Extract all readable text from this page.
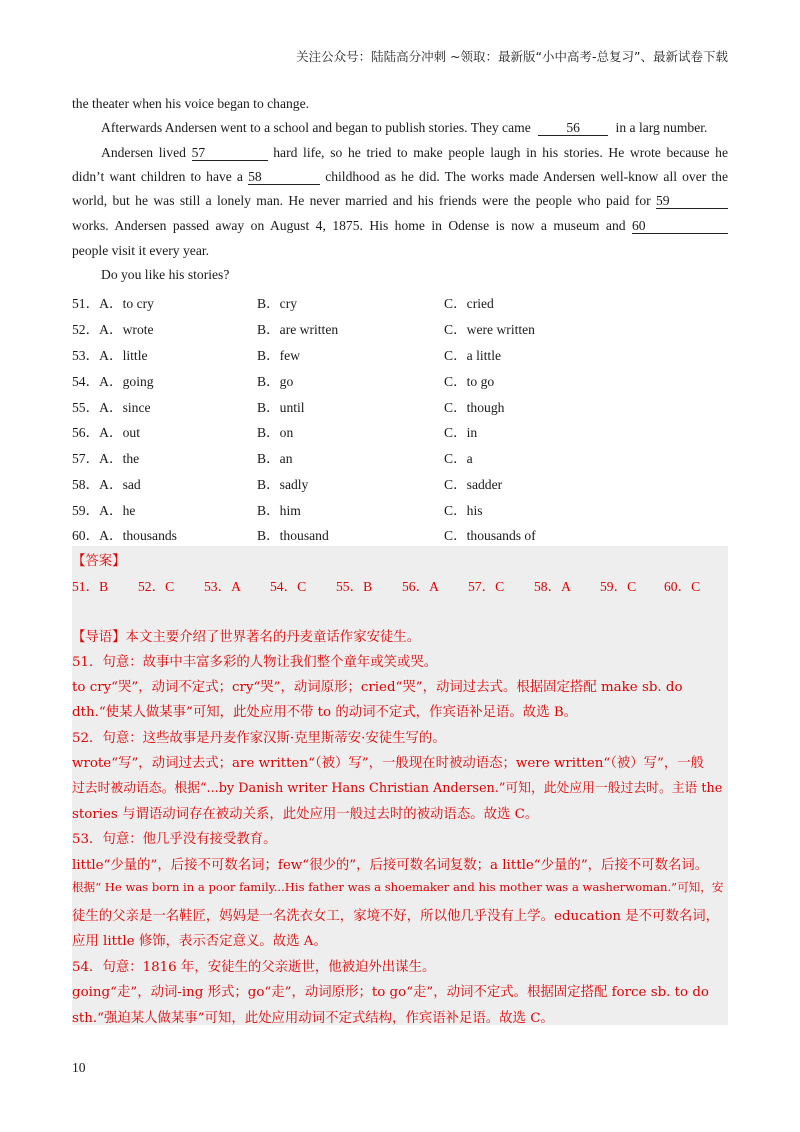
关注公众号：陆陆高分冲刺 ~领取：最新版“小中高考-总复习”、最新试卷下载
the theater when his voice began to change.
Afterwards Andersen went to a school and began to publish stories. They came	56	in a larg number.
Andersen lived 57	hard life, so he tried to make people laugh in his stories. He wrote because he
didn’t want children to have a 58	childhood as he did. The works made Andersen well-know all over the
world, but he was still a lonely man. He never married and his friends were the people who paid for 59
works. Andersen passed away on August 4, 1875. His home in Odense is now a museum and 60
people visit it every year.
Do you like his stories?
51．A．to cry	B．cry	C．cried
52．A．wrote	B．are written	C．were written
53．A．little	B．few	C．a little
54．A．going	B．go	C．to go
55．A．since	B．until	C．though
56．A．out	B．on	C．in
57．A．the	B．an	C．a
58．A．sad	B．sadly	C．sadder
59．A．he	B．him	C．his
60．A．thousands	B．thousand	C．thousands of
【答案】
51．B 52．C 53．A 54．C 55．B 56．A 57．C 58．A 59．C 60．C
【导语】本文主要介绍了世界著名的丹麦童话作家安徒生。
51．句意：故事中丰富多彩的人物让我们整个童年或笑或哭。
to cry“哭”，动词不定式；cry“哭”，动词原形；cried“哭”，动词过去式。根据固定搭配 make sb. do
dth.“使某人做某事”可知，此处应用不带 to 的动词不定式，作宾语补足语。故选 B。
52．句意：这些故事是丹麦作家汉斯·克里斯蒂安·安徒生写的。
wrote“写”，动词过去式；are written“（被）写”，一般现在时被动语态；were written“（被）写”，一般
过去时被动语态。根据“...by Danish writer Hans Christian Andersen.”可知，此处应用一般过去时。主语 the
stories 与谓语动词存在被动关系，此处应用一般过去时的被动语态。故选 C。
53．句意：他几乎没有接受教育。
little“少量的”，后接不可数名词；few“很少的”，后接可数名词复数；a little“少量的”，后接不可数名词。
根据“ He was born in a poor family...His father was a shoemaker and his mother was a washerwoman.”可知，安
徒生的父亲是一名鞋匠，妈妈是一名洗衣女工，家境不好，所以他几乎没有上学。education 是不可数名词，
应用 little 修饰，表示否定意义。故选 A。
54．句意：1816 年，安徒生的父亲逝世，他被迫外出谋生。
going“走”，动词-ing 形式；go“走”，动词原形；to go“走”，动词不定式。根据固定搭配 force sb. to do
sth.“强迫某人做某事”可知，此处应用动词不定式结构，作宾语补足语。故选 C。
10
